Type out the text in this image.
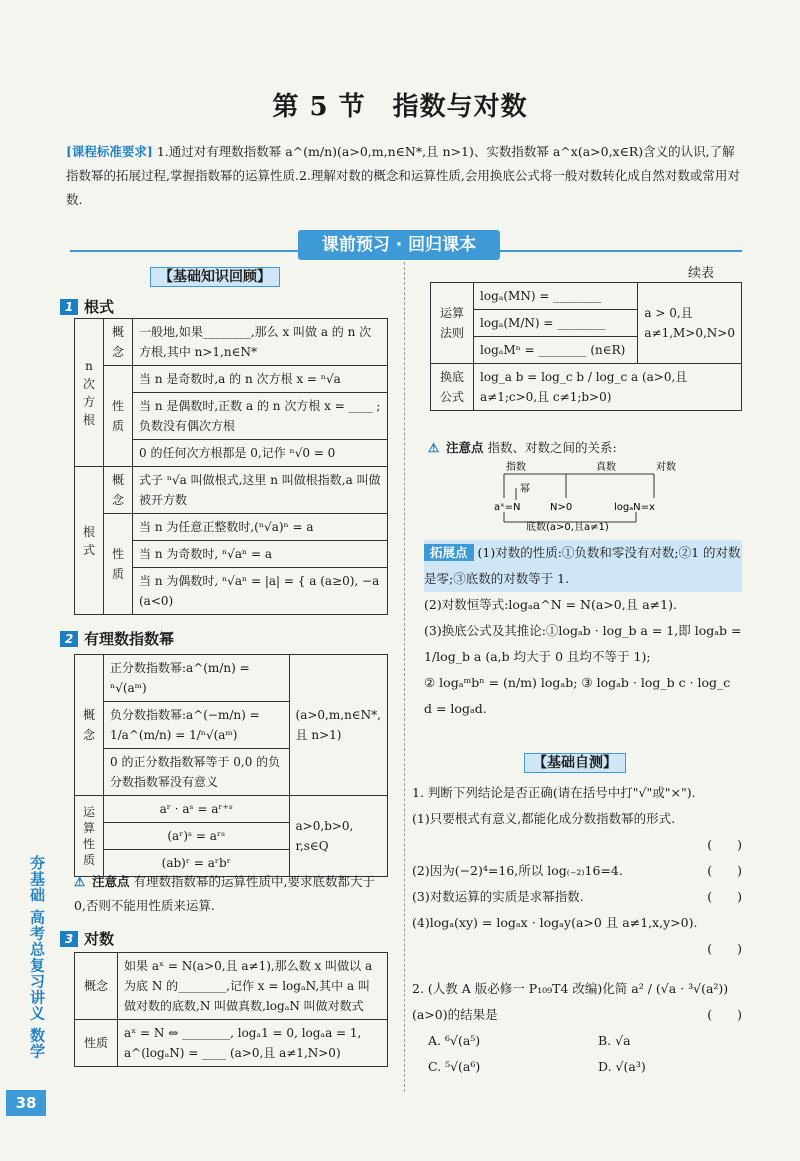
第 5 节　指数与对数
[课程标准要求] 1.通过对有理数指数幂 a^(m/n)(a>0,m,n∈N*,且 n>1)、实数指数幂 a^x(a>0,x∈R)含义的认识,了解指数幂的拓展过程,掌握指数幂的运算性质.2.理解对数的概念和运算性质,会用换底公式将一般对数转化成自然对数或常用对数.
课前预习 · 回归课本
【基础知识回顾】
1 根式
n次方根	概念	一般地,如果________,那么 x 叫做 a 的 n 次方根,其中 n>1,n∈N*
	性质	当 n 是奇数时,a 的 n 次方根 x = ⁿ√a
		当 n 是偶数时,正数 a 的 n 次方根 x = ____ ;负数没有偶次方根
		0 的任何次方根都是 0,记作 ⁿ√0 = 0
根式	概念	式子 ⁿ√a 叫做根式,这里 n 叫做根指数,a 叫做被开方数
	性质	当 n 为任意正整数时,(ⁿ√a)ⁿ = a
		当 n 为奇数时, ⁿ√aⁿ = a
		当 n 为偶数时, ⁿ√aⁿ = |a| = { a (a≥0), −a (a<0)
2 有理数指数幂
概念	正分数指数幂:a^(m/n) = ⁿ√(aᵐ)	(a>0,m,n∈N*,且 n>1)
	负分数指数幂:a^(−m/n) = 1/a^(m/n) = 1/ⁿ√(aᵐ)	
	0 的正分数指数幂等于 0,0 的负分数指数幂没有意义	
运算性质	aʳ · aˢ = aʳ⁺ˢ	a>0,b>0, r,s∈Q
	(aʳ)ˢ = aʳˢ	
	(ab)ʳ = aʳbʳ	
⚠ 注意点 有理数指数幂的运算性质中,要求底数都大于 0,否则不能用性质来运算.
3 对数
概念	如果 aˣ = N(a>0,且 a≠1),那么数 x 叫做以 a 为底 N 的________,记作 x = logₐN,其中 a 叫做对数的底数,N 叫做真数,logₐN 叫做对数式
性质	aˣ = N ⇔ ________, logₐ1 = 0, logₐa = 1, a^(logₐN) = ____ (a>0,且 a≠1,N>0)
续表
运算法则	logₐ(MN) = ________	a > 0,且 a≠1,M>0,N>0
	logₐ(M/N) = ________	
	logₐMⁿ = ________ (n∈R)	
换底公式	log_a b = log_c b / log_c a (a>0,且 a≠1;c>0,且 c≠1;b>0)	
⚠ 注意点 指数、对数之间的关系:
指数	真数	对数
幂
aˣ=N	N>0	logₐN=x
底数(a>0,且a≠1)
拓展点 (1)对数的性质:①负数和零没有对数;②1 的对数是零;③底数的对数等于 1.
(2)对数恒等式:logₐa^N = N(a>0,且 a≠1).
(3)换底公式及其推论:①logₐb · log_b a = 1,即 logₐb = 1/log_b a (a,b 均大于 0 且均不等于 1);
② logₐᵐbⁿ = (n/m) logₐb; ③ logₐb · log_b c · log_c d = logₐd.
【基础自测】
1. 判断下列结论是否正确(请在括号中打"√"或"×").
(1)只要根式有意义,都能化成分数指数幂的形式.
(　　)
(2)因为(−2)⁴=16,所以 log₍₋₂₎16=4.	(　　)
(3)对数运算的实质是求幂指数.	(　　)
(4)logₐ(xy) = logₐx · logₐy(a>0 且 a≠1,x,y>0).
(　　)
2. (人教 A 版必修一 P₁₀₉T4 改编)化简 a² / (√a · ³√(a²))
(a>0)的结果是	(　　)
A. ⁶√(a⁵)	B. √a
C. ⁵√(a⁶)	D. √(a³)
夯基础 高考总复习讲义 数学
38
